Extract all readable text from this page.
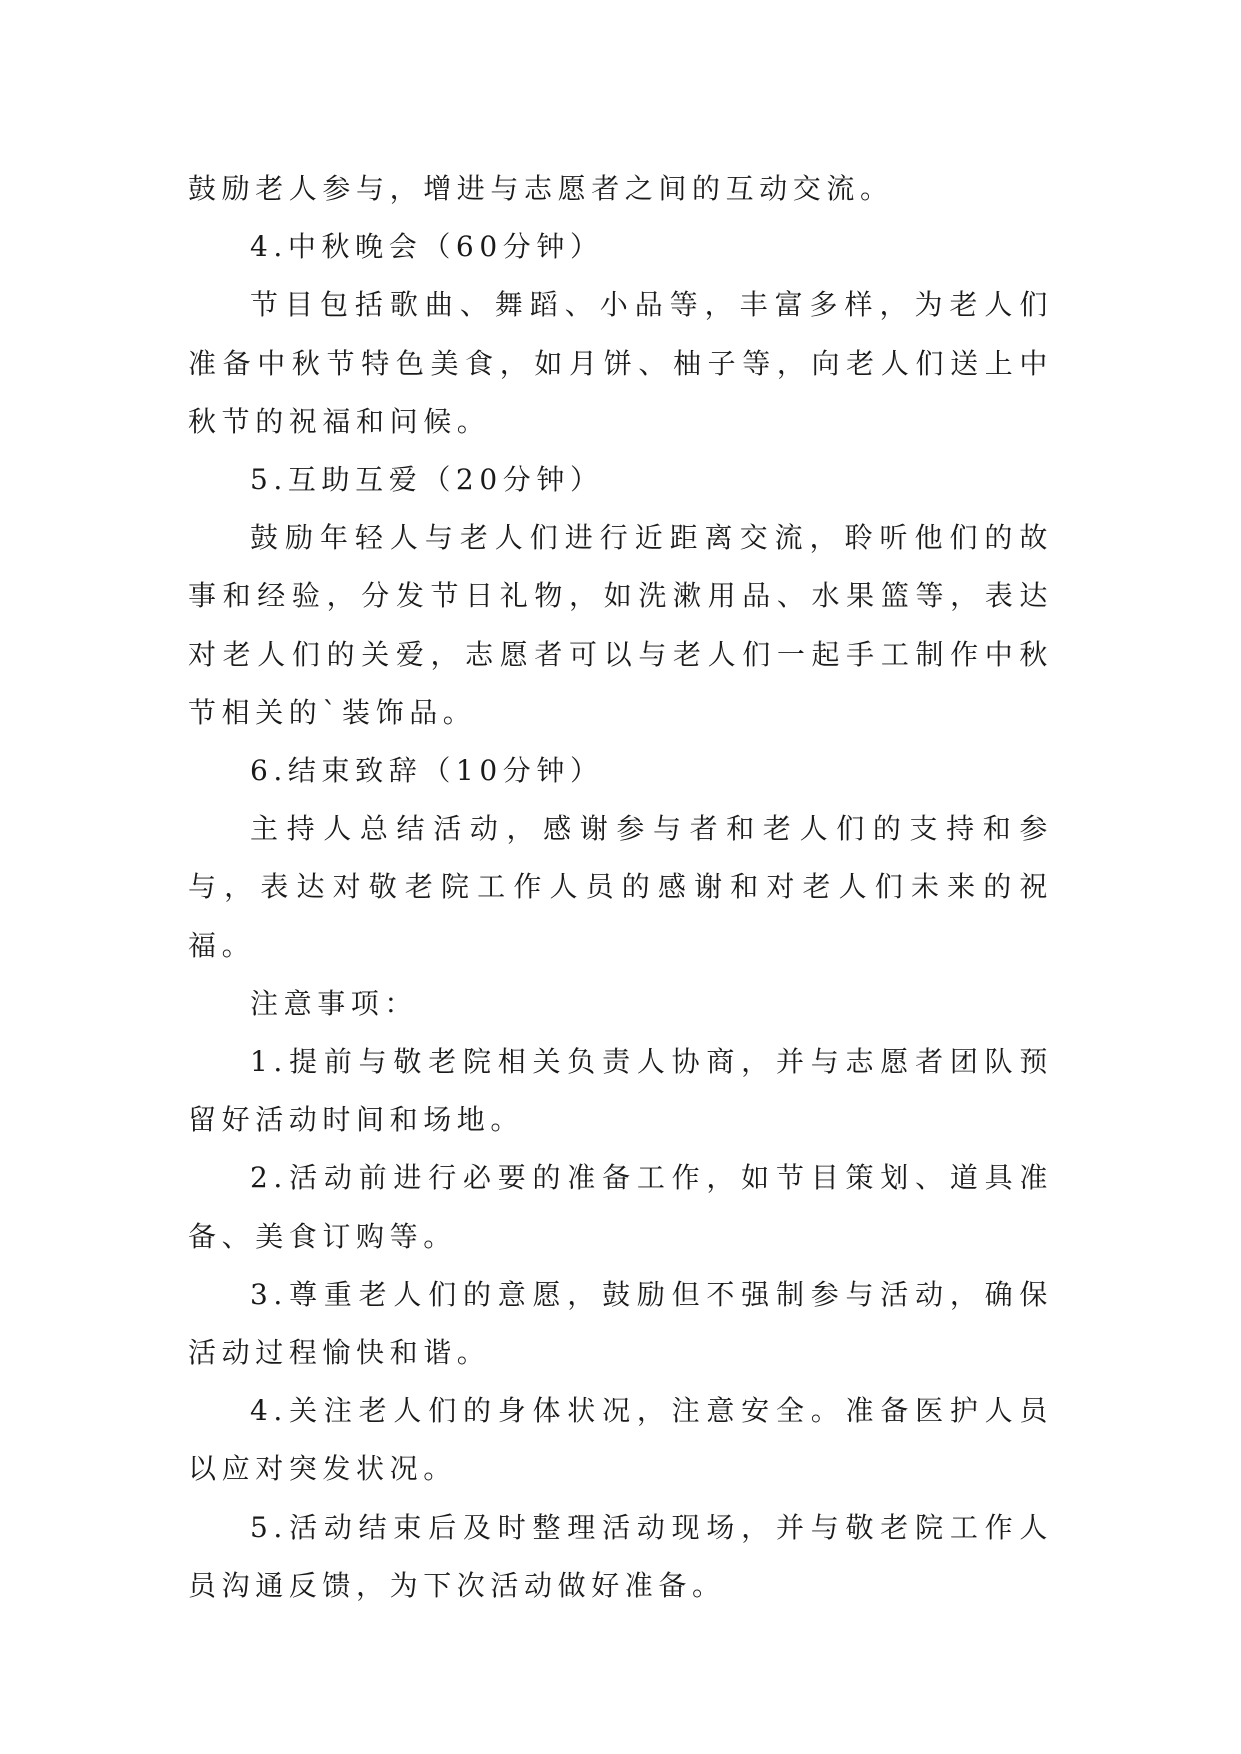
鼓励老人参与，增进与志愿者之间的互动交流。

4.中秋晚会（60分钟）

节目包括歌曲、舞蹈、小品等，丰富多样，为老人们准备中秋节特色美食，如月饼、柚子等，向老人们送上中秋节的祝福和问候。

5.互助互爱（20分钟）

鼓励年轻人与老人们进行近距离交流，聆听他们的故事和经验，分发节日礼物，如洗漱用品、水果篮等，表达对老人们的关爱，志愿者可以与老人们一起手工制作中秋节相关的`装饰品。

6.结束致辞（10分钟）

主持人总结活动，感谢参与者和老人们的支持和参与，表达对敬老院工作人员的感谢和对老人们未来的祝福。

注意事项：

1.提前与敬老院相关负责人协商，并与志愿者团队预留好活动时间和场地。

2.活动前进行必要的准备工作，如节目策划、道具准备、美食订购等。

3.尊重老人们的意愿，鼓励但不强制参与活动，确保活动过程愉快和谐。

4.关注老人们的身体状况，注意安全。准备医护人员以应对突发状况。

5.活动结束后及时整理活动现场，并与敬老院工作人员沟通反馈，为下次活动做好准备。
